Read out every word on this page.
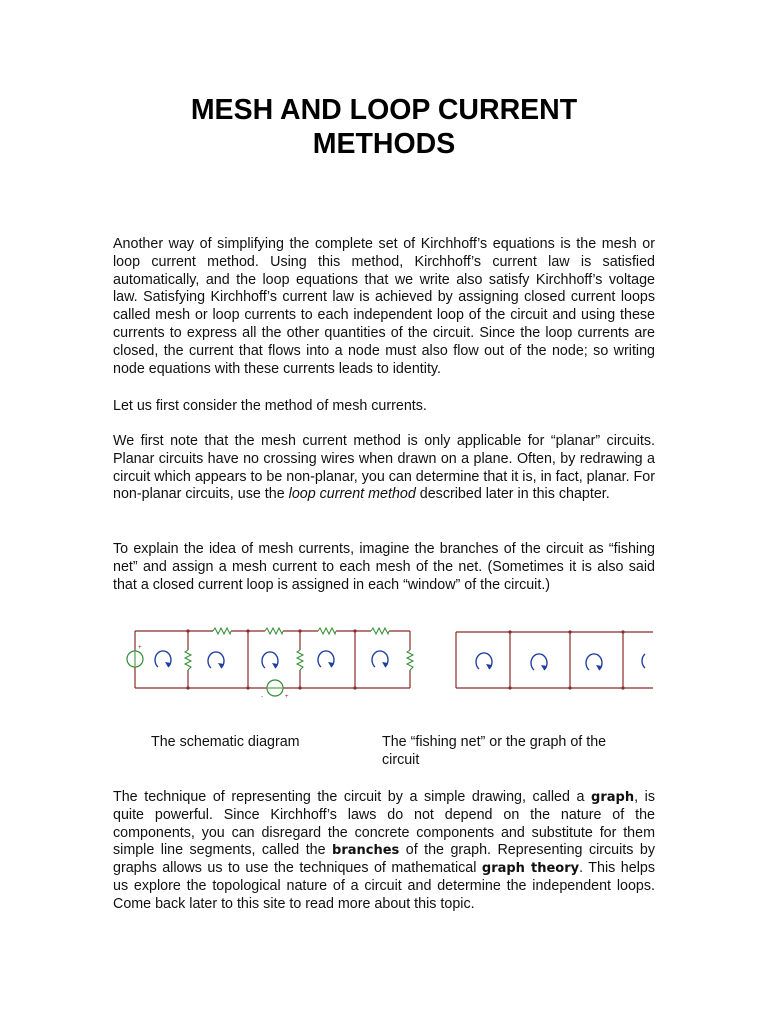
MESH AND LOOP CURRENT
METHODS

Another way of simplifying the complete set of Kirchhoff’s equations is the mesh or loop current method. Using this method, Kirchhoff’s current law is satisfied automatically, and the loop equations that we write also satisfy Kirchhoff’s voltage law. Satisfying Kirchhoff’s current law is achieved by assigning closed current loops called mesh or loop currents to each independent loop of the circuit and using these currents to express all the other quantities of the circuit. Since the loop currents are closed, the current that flows into a node must also flow out of the node; so writing node equations with these currents leads to identity.

Let us first consider the method of mesh currents.

We first note that the mesh current method is only applicable for “planar” circuits. Planar circuits have no crossing wires when drawn on a plane. Often, by redrawing a circuit which appears to be non-planar, you can determine that it is, in fact, planar. For non-planar circuits, use the loop current method described later in this chapter.

To explain the idea of mesh currents, imagine the branches of the circuit as “fishing net” and assign a mesh current to each mesh of the net. (Sometimes it is also said that a closed current loop is assigned in each “window” of the circuit.)

+
+
-

The schematic diagram	The “fishing net” or the graph of the circuit

The technique of representing the circuit by a simple drawing, called a graph, is quite powerful. Since Kirchhoff’s laws do not depend on the nature of the components, you can disregard the concrete components and substitute for them simple line segments, called the branches of the graph. Representing circuits by graphs allows us to use the techniques of mathematical graph theory. This helps us explore the topological nature of a circuit and determine the independent loops. Come back later to this site to read more about this topic.
